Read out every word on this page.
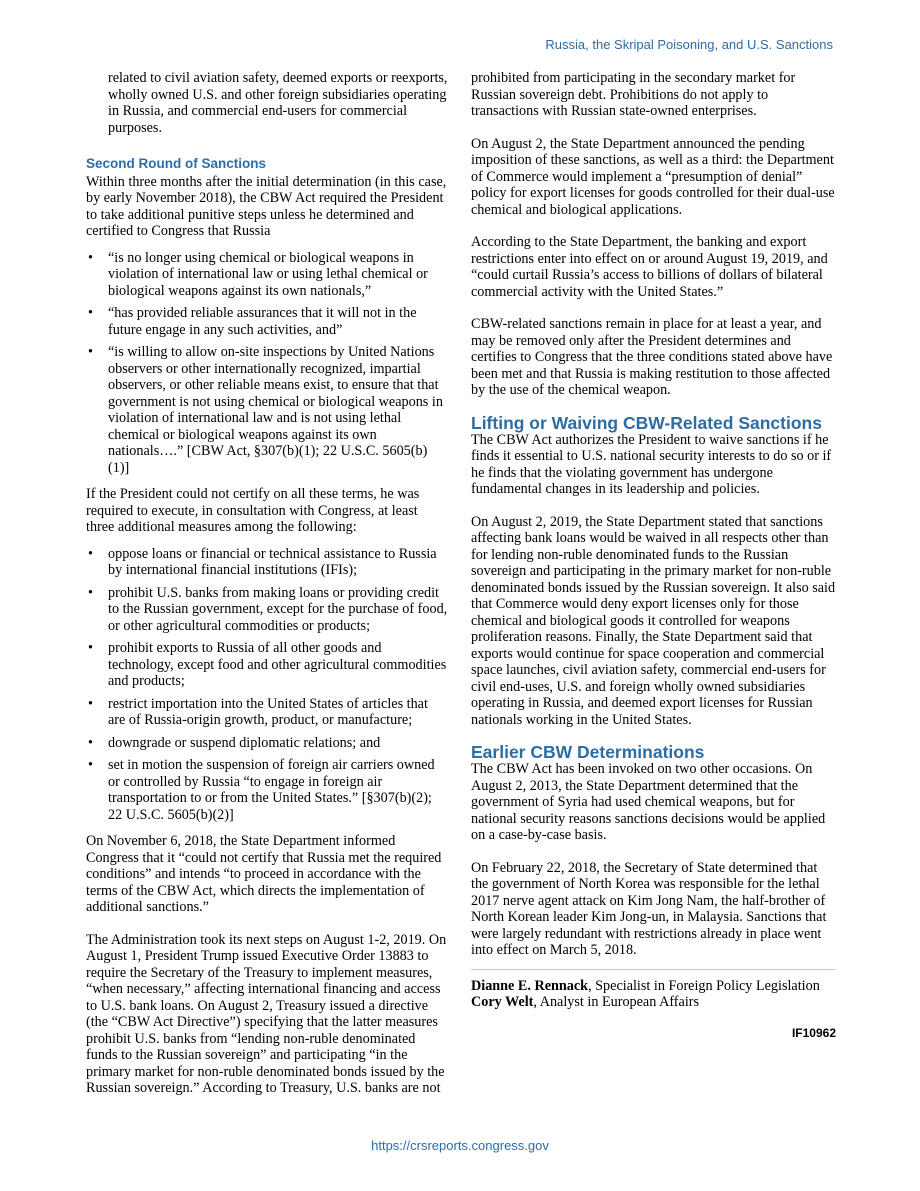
Russia, the Skripal Poisoning, and U.S. Sanctions

related to civil aviation safety, deemed exports or reexports, wholly owned U.S. and other foreign subsidiaries operating in Russia, and commercial end-users for commercial purposes.

Second Round of Sanctions

Within three months after the initial determination (in this case, by early November 2018), the CBW Act required the President to take additional punitive steps unless he determined and certified to Congress that Russia

• “is no longer using chemical or biological weapons in violation of international law or using lethal chemical or biological weapons against its own nationals,”
• “has provided reliable assurances that it will not in the future engage in any such activities, and”
• “is willing to allow on-site inspections by United Nations observers or other internationally recognized, impartial observers, or other reliable means exist, to ensure that that government is not using chemical or biological weapons in violation of international law and is not using lethal chemical or biological weapons against its own nationals….” [CBW Act, §307(b)(1); 22 U.S.C. 5605(b)(1)]

If the President could not certify on all these terms, he was required to execute, in consultation with Congress, at least three additional measures among the following:

• oppose loans or financial or technical assistance to Russia by international financial institutions (IFIs);
• prohibit U.S. banks from making loans or providing credit to the Russian government, except for the purchase of food, or other agricultural commodities or products;
• prohibit exports to Russia of all other goods and technology, except food and other agricultural commodities and products;
• restrict importation into the United States of articles that are of Russia-origin growth, product, or manufacture;
• downgrade or suspend diplomatic relations; and
• set in motion the suspension of foreign air carriers owned or controlled by Russia “to engage in foreign air transportation to or from the United States.” [§307(b)(2); 22 U.S.C. 5605(b)(2)]

On November 6, 2018, the State Department informed Congress that it “could not certify that Russia met the required conditions” and intends “to proceed in accordance with the terms of the CBW Act, which directs the implementation of additional sanctions.”

The Administration took its next steps on August 1-2, 2019. On August 1, President Trump issued Executive Order 13883 to require the Secretary of the Treasury to implement measures, “when necessary,” affecting international financing and access to U.S. bank loans. On August 2, Treasury issued a directive (the “CBW Act Directive”) specifying that the latter measures prohibit U.S. banks from “lending non-ruble denominated funds to the Russian sovereign” and participating “in the primary market for non-ruble denominated bonds issued by the Russian sovereign.” According to Treasury, U.S. banks are not

prohibited from participating in the secondary market for Russian sovereign debt. Prohibitions do not apply to transactions with Russian state-owned enterprises.

On August 2, the State Department announced the pending imposition of these sanctions, as well as a third: the Department of Commerce would implement a “presumption of denial” policy for export licenses for goods controlled for their dual-use chemical and biological applications.

According to the State Department, the banking and export restrictions enter into effect on or around August 19, 2019, and “could curtail Russia’s access to billions of dollars of bilateral commercial activity with the United States.”

CBW-related sanctions remain in place for at least a year, and may be removed only after the President determines and certifies to Congress that the three conditions stated above have been met and that Russia is making restitution to those affected by the use of the chemical weapon.

Lifting or Waiving CBW-Related Sanctions

The CBW Act authorizes the President to waive sanctions if he finds it essential to U.S. national security interests to do so or if he finds that the violating government has undergone fundamental changes in its leadership and policies.

On August 2, 2019, the State Department stated that sanctions affecting bank loans would be waived in all respects other than for lending non-ruble denominated funds to the Russian sovereign and participating in the primary market for non-ruble denominated bonds issued by the Russian sovereign. It also said that Commerce would deny export licenses only for those chemical and biological goods it controlled for weapons proliferation reasons. Finally, the State Department said that exports would continue for space cooperation and commercial space launches, civil aviation safety, commercial end-users for civil end-uses, U.S. and foreign wholly owned subsidiaries operating in Russia, and deemed export licenses for Russian nationals working in the United States.

Earlier CBW Determinations

The CBW Act has been invoked on two other occasions. On August 2, 2013, the State Department determined that the government of Syria had used chemical weapons, but for national security reasons sanctions decisions would be applied on a case-by-case basis.

On February 22, 2018, the Secretary of State determined that the government of North Korea was responsible for the lethal 2017 nerve agent attack on Kim Jong Nam, the half-brother of North Korean leader Kim Jong-un, in Malaysia. Sanctions that were largely redundant with restrictions already in place went into effect on March 5, 2018.

Dianne E. Rennack, Specialist in Foreign Policy Legislation

Cory Welt, Analyst in European Affairs

IF10962
https://crsreports.congress.gov
